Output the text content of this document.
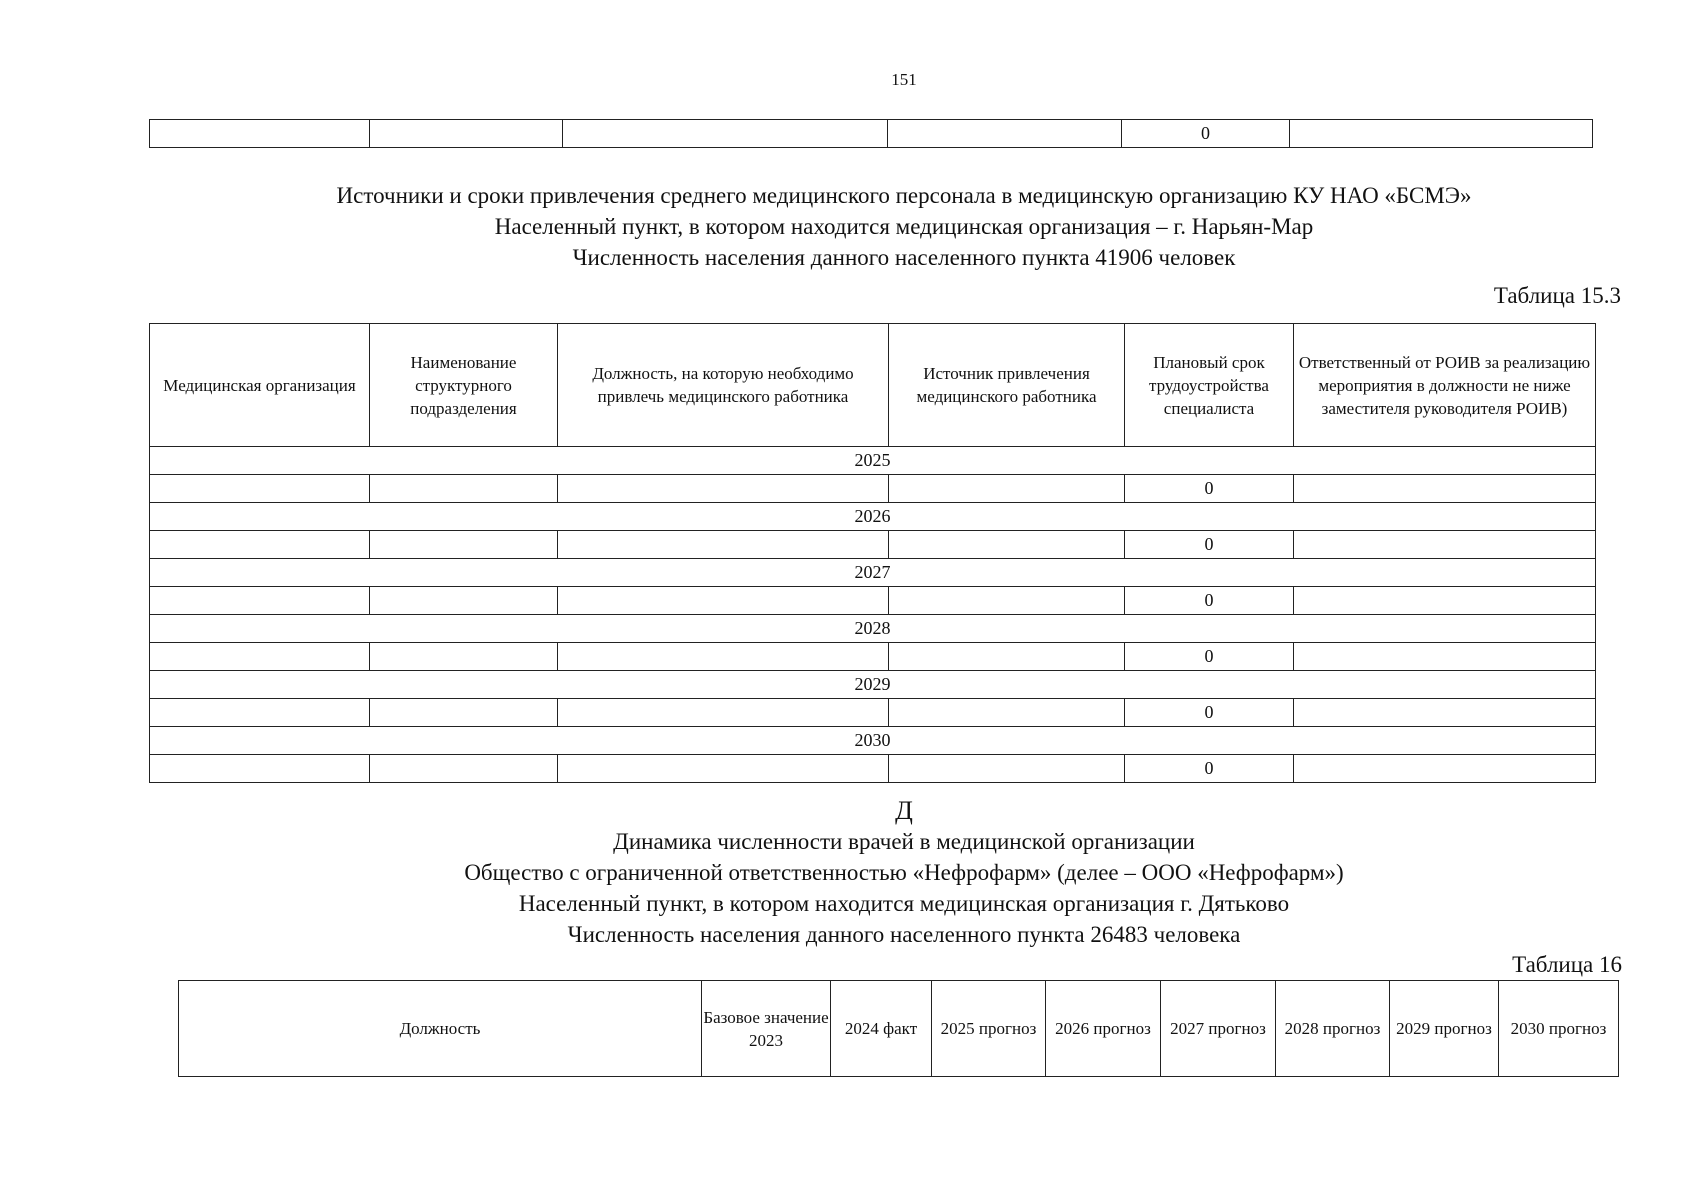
151
				0	
Источники и сроки привлечения среднего медицинского персонала в медицинскую организацию КУ НАО «БСМЭ»
Населенный пункт, в котором находится медицинская организация – г. Нарьян-Мар
Численность населения данного населенного пункта 41906 человек
Таблица 15.3
Медицинская организация	Наименование структурного подразделения	Должность, на которую необходимо привлечь медицинского работника	Источник привлечения медицинского работника	Плановый срок трудоустройства специалиста	Ответственный от РОИВ за реализацию мероприятия в должности не ниже заместителя руководителя РОИВ)
2025					
				0	
2026					
				0	
2027					
				0	
2028					
				0	
2029					
				0	
2030					
				0	
Д
Динамика численности врачей в медицинской организации
Общество с ограниченной ответственностью «Нефрофарм» (делее – ООО «Нефрофарм»)
Населенный пункт, в котором находится медицинская организация г. Дятьково
Численность населения данного населенного пункта 26483 человека
Таблица 16
Должность	Базовое значение 2023	2024 факт	2025 прогноз	2026 прогноз	2027 прогноз	2028 прогноз	2029 прогноз	2030 прогноз
